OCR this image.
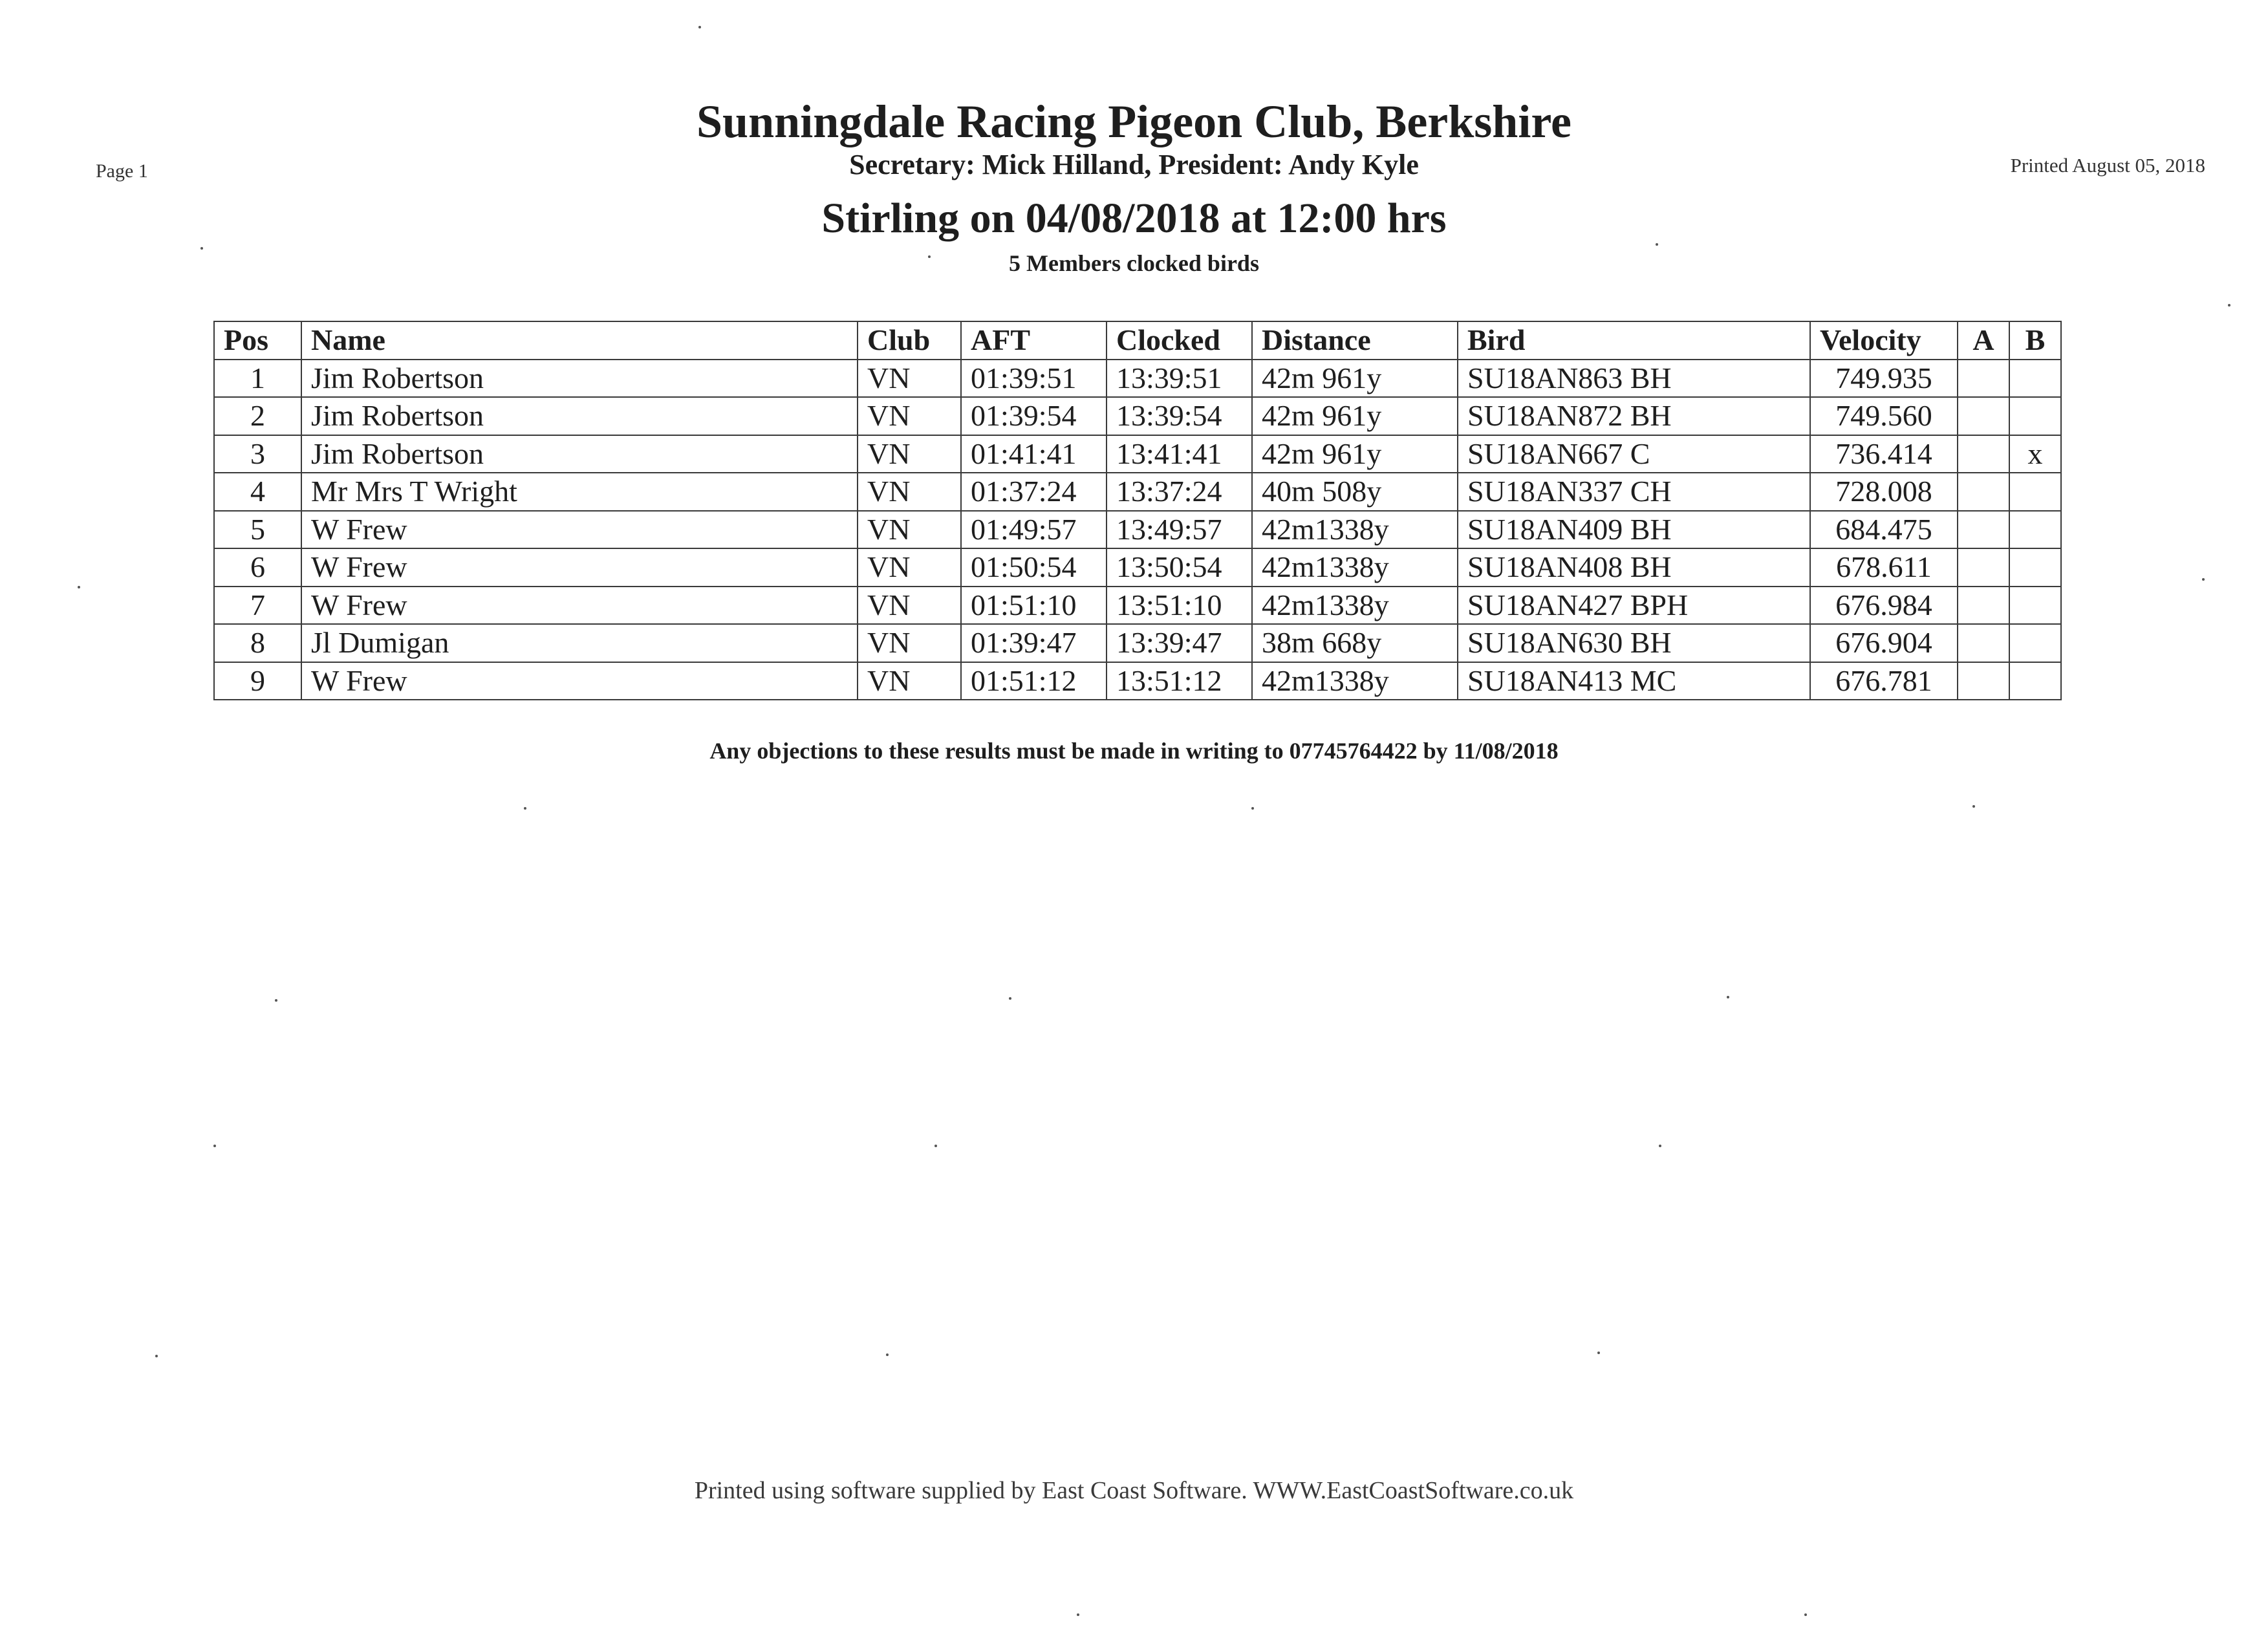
Page 1	Printed August 05, 2018
Sunningdale Racing Pigeon Club, Berkshire
Secretary: Mick Hilland, President: Andy Kyle
Stirling on 04/08/2018 at 12:00 hrs
5 Members clocked birds
Pos	Name	Club	AFT	Clocked	Distance	Bird	Velocity	A	B
1	Jim Robertson	VN	01:39:51	13:39:51	42m 961y	SU18AN863 BH	749.935		
2	Jim Robertson	VN	01:39:54	13:39:54	42m 961y	SU18AN872 BH	749.560		
3	Jim Robertson	VN	01:41:41	13:41:41	42m 961y	SU18AN667 C	736.414		x
4	Mr Mrs T Wright	VN	01:37:24	13:37:24	40m 508y	SU18AN337 CH	728.008		
5	W Frew	VN	01:49:57	13:49:57	42m1338y	SU18AN409 BH	684.475		
6	W Frew	VN	01:50:54	13:50:54	42m1338y	SU18AN408 BH	678.611		
7	W Frew	VN	01:51:10	13:51:10	42m1338y	SU18AN427 BPH	676.984		
8	Jl Dumigan	VN	01:39:47	13:39:47	38m 668y	SU18AN630 BH	676.904		
9	W Frew	VN	01:51:12	13:51:12	42m1338y	SU18AN413 MC	676.781		
Any objections to these results must be made in writing to 07745764422 by 11/08/2018
Printed using software supplied by East Coast Software. WWW.EastCoastSoftware.co.uk
